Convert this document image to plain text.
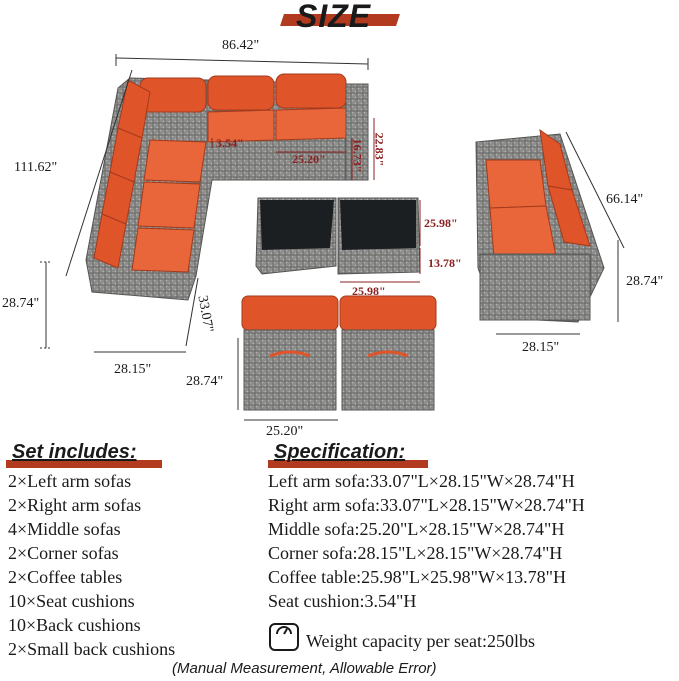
SIZE
86.42"
111.62"
3.54"
25.20" 16.73" 22.83"
28.74"	33.07"
28.15"
25.98"
13.78"
25.98"
66.14"
28.74"
28.15"
28.74"
25.20"
Set includes:
2×Left arm sofas
2×Right arm sofas
4×Middle sofas
2×Corner sofas
2×Coffee tables
10×Seat cushions
10×Back cushions
2×Small back cushions
Specification:
Left arm sofa:33.07"L×28.15"W×28.74"H
Right arm sofa:33.07"L×28.15"W×28.74"H
Middle sofa:25.20"L×28.15"W×28.74"H
Corner sofa:28.15"L×28.15"W×28.74"H
Coffee table:25.98"L×25.98"W×13.78"H
Seat cushion:3.54"H
Weight capacity per seat:250lbs
(Manual Measurement, Allowable Error)
